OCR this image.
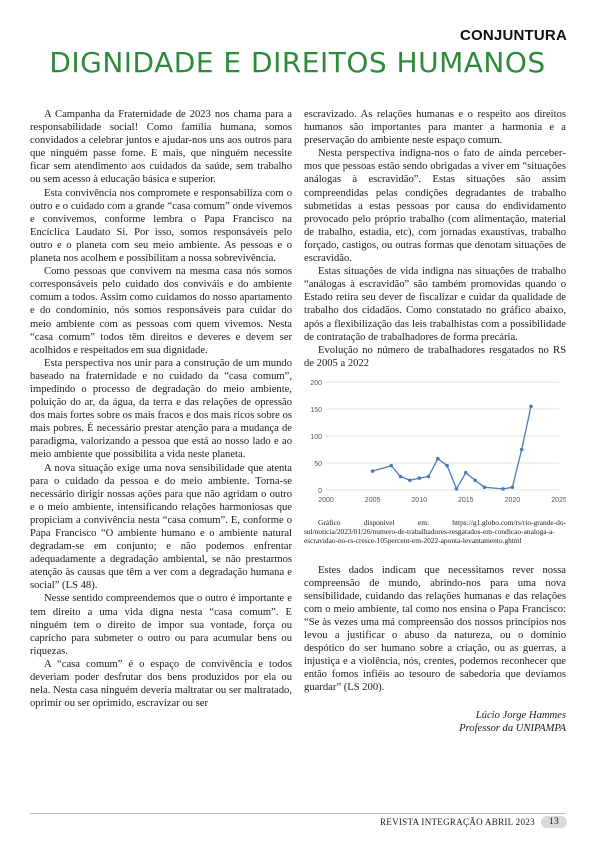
CONJUNTURA
DIGNIDADE E DIREITOS HUMANOS

A Campanha da Fraternidade de 2023 nos chama para a responsabilidade social! Como família humana, somos convidados a celebrar juntos e ajudar-nos uns aos outros para que ninguém passe fome. E mais, que ninguém necessite ficar sem atendimento aos cuidados da saúde, sem trabalho ou sem acesso à educação básica e superior.

Esta convivência nos compromete e responsabiliza com o outro e o cuidado com a grande “casa comum” onde vivemos e convivemos, conforme lembra o Papa Francisco na Encíclica Laudato Si. Por isso, somos responsáveis pelo outro e o planeta com seu meio ambiente. As pessoas e o planeta nos acolhem e possibilitam a nossa sobrevivência.

Como pessoas que convivem na mesma casa nós somos corresponsáveis pelo cuidado dos conviváis e do ambiente comum a todos. Assim como cuidamos do nosso apartamento e do condomínio, nós somos responsáveis para cuidar do meio ambiente com as pessoas com quem vivemos. Nesta “casa comum” todos têm direitos e deveres e devem ser acolhidos e respeitados em sua dignidade.

Esta perspectiva nos unir para a construção de um mundo baseado na fraternidade e no cuidado da “casa comum”, impedindo o processo de degradação do meio ambiente, poluição do ar, da água, da terra e das relações de opressão dos mais fortes sobre os mais fracos e dos mais ricos sobre os mais pobres. É necessário prestar atenção para a mudança de paradigma, valorizando a pessoa que está ao nosso lado e ao meio ambiente que possibilita a vida neste planeta.

A nova situação exige uma nova sensibilidade que atenta para o cuidado da pessoa e do meio ambiente. Torna-se necessário dirigir nossas ações para que não agridam o outro e o meio ambiente, intensificando relações harmoniosas que propiciam a convivência nesta “casa comum”. E, conforme o Papa Francisco “O ambiente humano e o ambiente natural degradam-se em conjunto; e não podemos enfrentar adequadamente a degradação ambiental, se não prestarmos atenção às causas que têm a ver com a degradação humana e social” (LS 48).

Nesse sentido compreendemos que o outro é importante e tem direito a uma vida digna nesta “casa comum”. E ninguém tem o direito de impor sua vontade, força ou capricho para submeter o outro ou para acumular bens ou riquezas.

A “casa comum” é o espaço de convivência e todos deveriam poder desfrutar dos bens produzidos por ela ou nela. Nesta casa ninguém deveria maltratar ou ser maltratado, oprimir ou ser oprimido, escravizar ou ser

escravizado. As relações humanas e o respeito aos direitos humanos são importantes para manter a harmonia e a preservação do ambiente neste espaço comum.

Nesta perspectiva indigna-nos o fato de ainda percebermos que pessoas estão sendo obrigadas a viver em “situações análogas à escravidão”. Estas situações são assim compreendidas pelas condições degradantes de trabalho submetidas a estas pessoas por causa do endividamento provocado pelo próprio trabalho (com alimentação, material de trabalho, estadia, etc), com jornadas exaustivas, trabalho forçado, castigos, ou outras formas que denotam situações de escravidão.

Estas situações de vida indigna nas situações de trabalho “análogas à escravidão” são também promovidas quando o Estado retira seu dever de fiscalizar e cuidar da qualidade de trabalho dos cidadãos. Como constatado no gráfico abaixo, após a flexibilização das leis trabalhistas com a possibilidade de contratação de trabalhadores de forma precária.

Evolução no número de trabalhadores resgatados no RS de 2005 a 2022

0
50
100
150
200
2000	2005	2010	2015	2020	2025

Gráfico disponível em: https://g1.globo.com/rs/rio-grande-do-sul/noticia/2023/01/26/numero-de-trabalhadores-resgatados-em-condicao-analoga-a-escravidao-no-rs-cresce-105percent-em-2022-aponta-levantamento.ghtml

Estes dados indicam que necessitamos rever nossa compreensão de mundo, abrindo-nos para uma nova sensibilidade, cuidando das relações humanas e das relações com o meio ambiente, tal como nos ensina o Papa Francisco: “Se às vezes uma má compreensão dos nossos princípios nos levou a justificar o abuso da natureza, ou o domínio despótico do ser humano sobre a criação, ou as guerras, a injustiça e a violência, nós, crentes, podemos reconhecer que então fomos infiéis ao tesouro de sabedoria que devíamos guardar” (LS 200).

Lúcio Jorge Hammes
Professor da UNIPAMPA
REVISTA INTEGRAÇÃO ABRIL 2023	13
